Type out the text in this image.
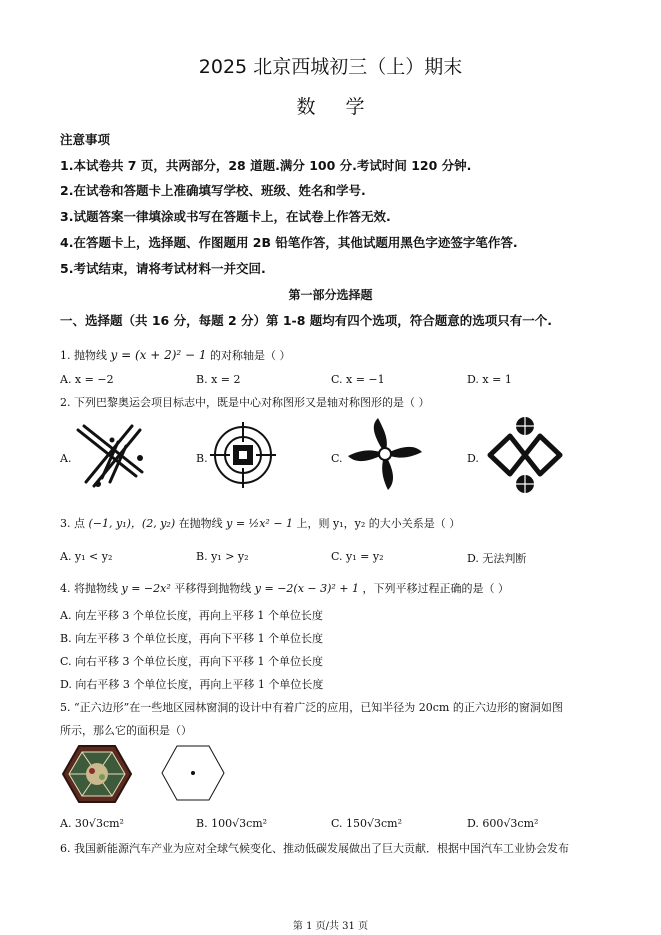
2025 北京西城初三（上）期末
数学
注意事项
1.本试卷共 7 页，共两部分，28 道题.满分 100 分.考试时间 120 分钟.
2.在试卷和答题卡上准确填写学校、班级、姓名和学号.
3.试题答案一律填涂或书写在答题卡上，在试卷上作答无效.
4.在答题卡上，选择题、作图题用 2B 铅笔作答，其他试题用黑色字迹签字笔作答.
5.考试结束，请将考试材料一并交回.
第一部分选择题
一、选择题（共 16 分，每题 2 分）第 1-8 题均有四个选项，符合题意的选项只有一个.
1. 抛物线 y = (x + 2)² − 1 的对称轴是（ ）
A. x = −2	B. x = 2	C. x = −1	D. x = 1
2. 下列巴黎奥运会项目标志中，既是中心对称图形又是轴对称图形的是（ ）
A.	B.	C.	D.
3. 点 (−1, y₁)，(2, y₂) 在抛物线 y = ½x² − 1 上，则 y₁，y₂ 的大小关系是（ ）
A. y₁ < y₂	B. y₁ > y₂	C. y₁ = y₂	D. 无法判断
4. 将抛物线 y = −2x² 平移得到抛物线 y = −2(x − 3)² + 1 ，下列平移过程正确的是（ ）
A. 向左平移 3 个单位长度，再向上平移 1 个单位长度
B. 向左平移 3 个单位长度，再向下平移 1 个单位长度
C. 向右平移 3 个单位长度，再向下平移 1 个单位长度
D. 向右平移 3 个单位长度，再向上平移 1 个单位长度
5. “正六边形”在一些地区园林窗洞的设计中有着广泛的应用，已知半径为 20cm 的正六边形的窗洞如图
所示，那么它的面积是（）
A. 30√3cm²	B. 100√3cm²	C. 150√3cm²	D. 600√3cm²
6. 我国新能源汽车产业为应对全球气候变化、推动低碳发展做出了巨大贡献．根据中国汽车工业协会发布
第 1 页/共 31 页
